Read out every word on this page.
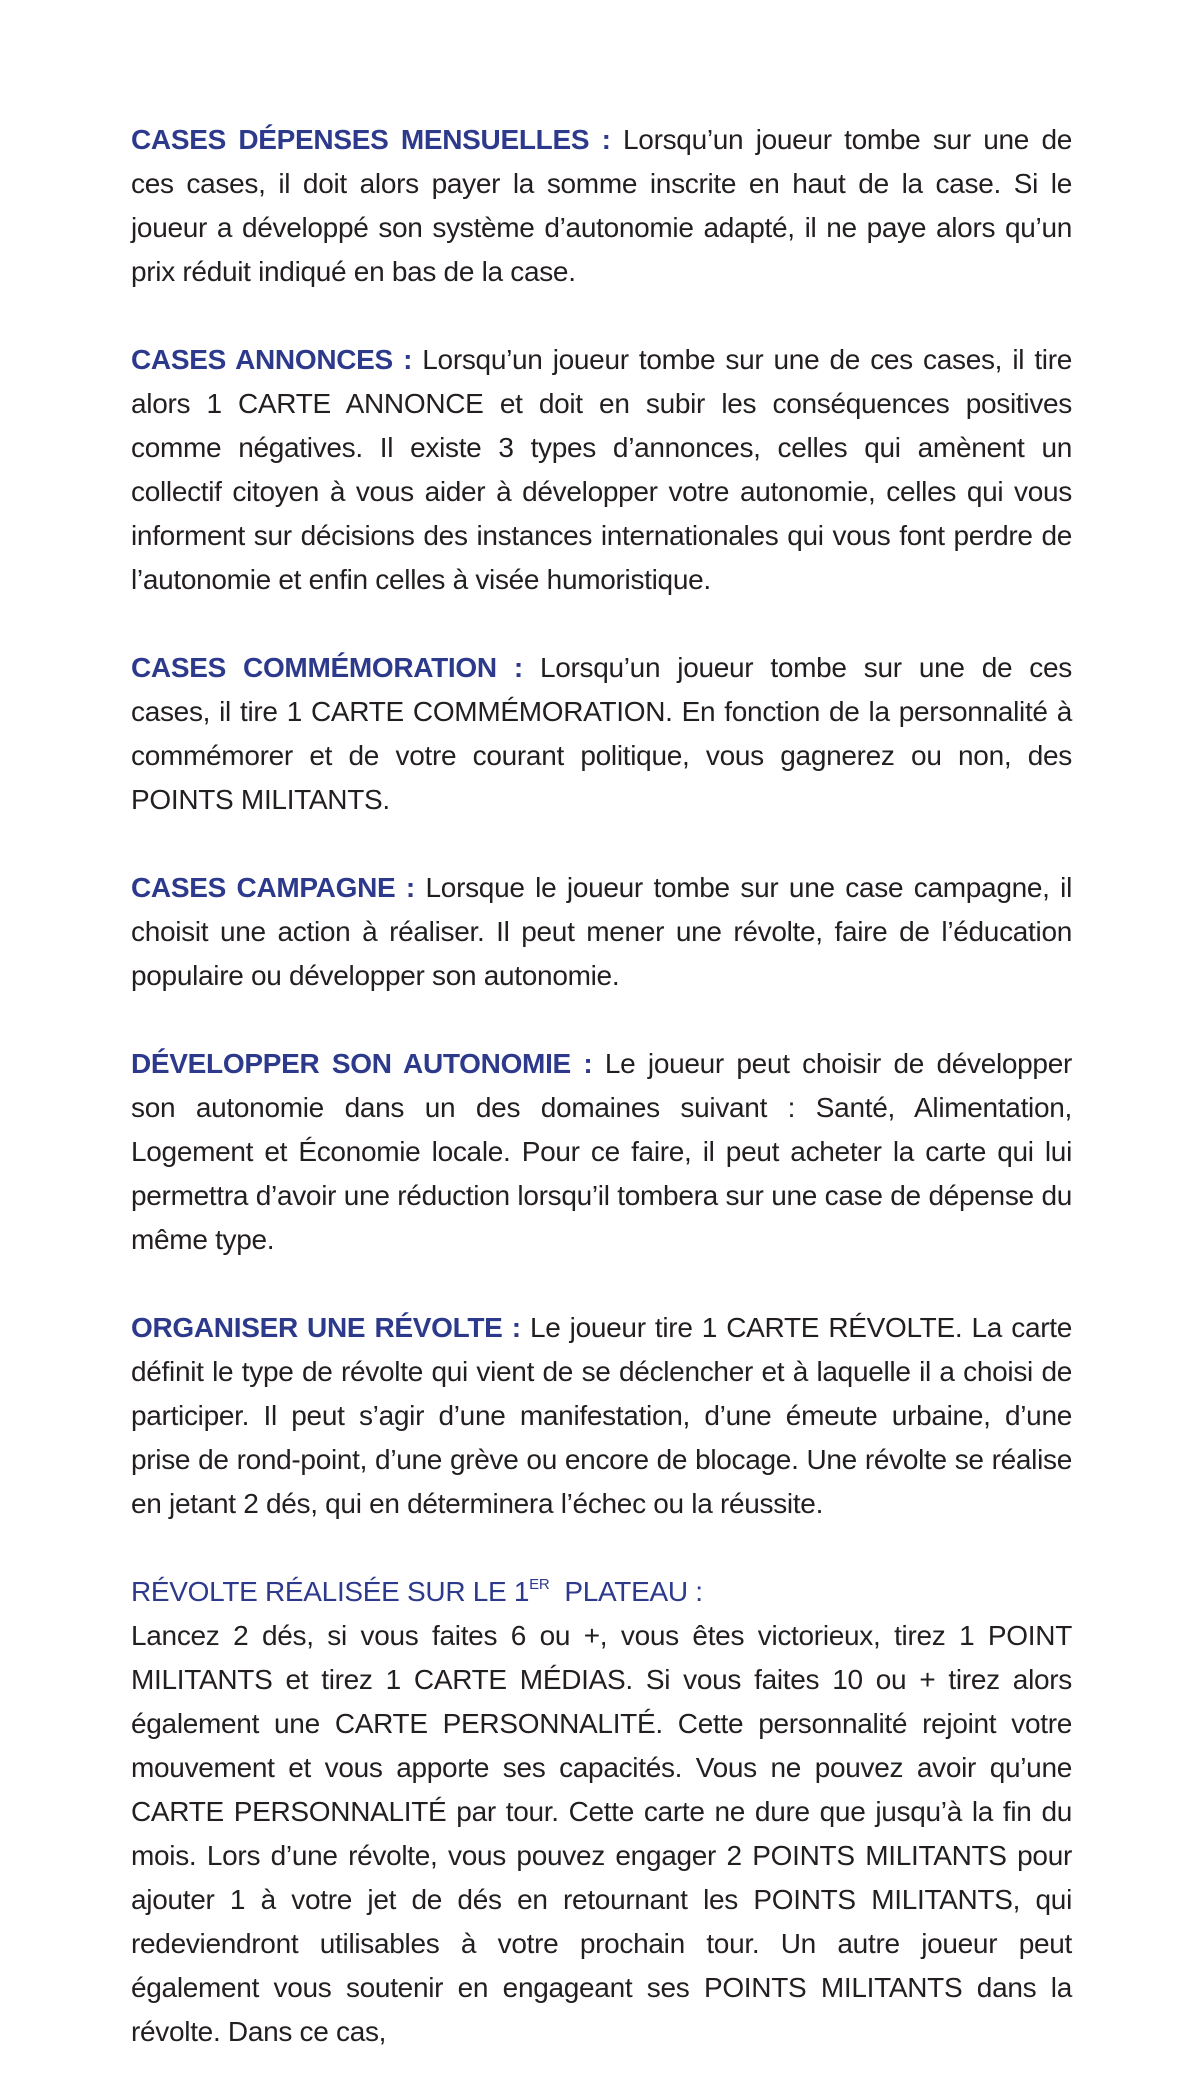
CASES DÉPENSES MENSUELLES : Lorsqu’un joueur tombe sur une de ces cases, il doit alors payer la somme inscrite en haut de la case. Si le joueur a développé son système d’autonomie adapté, il ne paye alors qu’un prix réduit indiqué en bas de la case.

CASES ANNONCES : Lorsqu’un joueur tombe sur une de ces cases, il tire alors 1 CARTE ANNONCE et doit en subir les conséquences positives comme négatives. Il existe 3 types d’annonces, celles qui amènent un collectif citoyen à vous aider à développer votre autonomie, celles qui vous informent sur décisions des instances internationales qui vous font perdre de l’autonomie et enfin celles à visée humoristique.

CASES COMMÉMORATION : Lorsqu’un joueur tombe sur une de ces cases, il tire 1 CARTE COMMÉMORATION. En fonction de la personnalité à commémorer et de votre courant politique, vous gagnerez ou non, des POINTS MILITANTS.

CASES CAMPAGNE : Lorsque le joueur tombe sur une case campagne, il choisit une action à réaliser. Il peut mener une révolte, faire de l’éducation populaire ou développer son autonomie.

DÉVELOPPER SON AUTONOMIE : Le joueur peut choisir de développer son autonomie dans un des domaines suivant : Santé, Alimentation, Logement et Économie locale. Pour ce faire, il peut acheter la carte qui lui permettra d’avoir une réduction lorsqu’il tombera sur une case de dépense du même type.

ORGANISER UNE RÉVOLTE : Le joueur tire 1 CARTE RÉVOLTE. La carte définit le type de révolte qui vient de se déclencher et à laquelle il a choisi de participer. Il peut s’agir d’une manifestation, d’une émeute urbaine, d’une prise de rond-point, d’une grève ou encore de blocage. Une révolte se réalise en jetant 2 dés, qui en déterminera l’échec ou la réussite.

RÉVOLTE RÉALISÉE SUR LE 1ER  PLATEAU :

Lancez 2 dés, si vous faites 6 ou +, vous êtes victorieux, tirez 1 POINT MILITANTS et tirez 1 CARTE MÉDIAS. Si vous faites 10 ou + tirez alors également une CARTE PERSONNALITÉ. Cette personnalité rejoint votre mouvement et vous apporte ses capacités. Vous ne pouvez avoir qu’une CARTE PERSONNALITÉ par tour. Cette carte ne dure que jusqu’à la fin du mois. Lors d’une révolte, vous pouvez engager 2 POINTS MILITANTS pour ajouter 1 à votre jet de dés en retournant les POINTS MILITANTS, qui redeviendront utilisables à votre prochain tour. Un autre joueur peut également vous soutenir en engageant ses POINTS MILITANTS dans la révolte. Dans ce cas,
